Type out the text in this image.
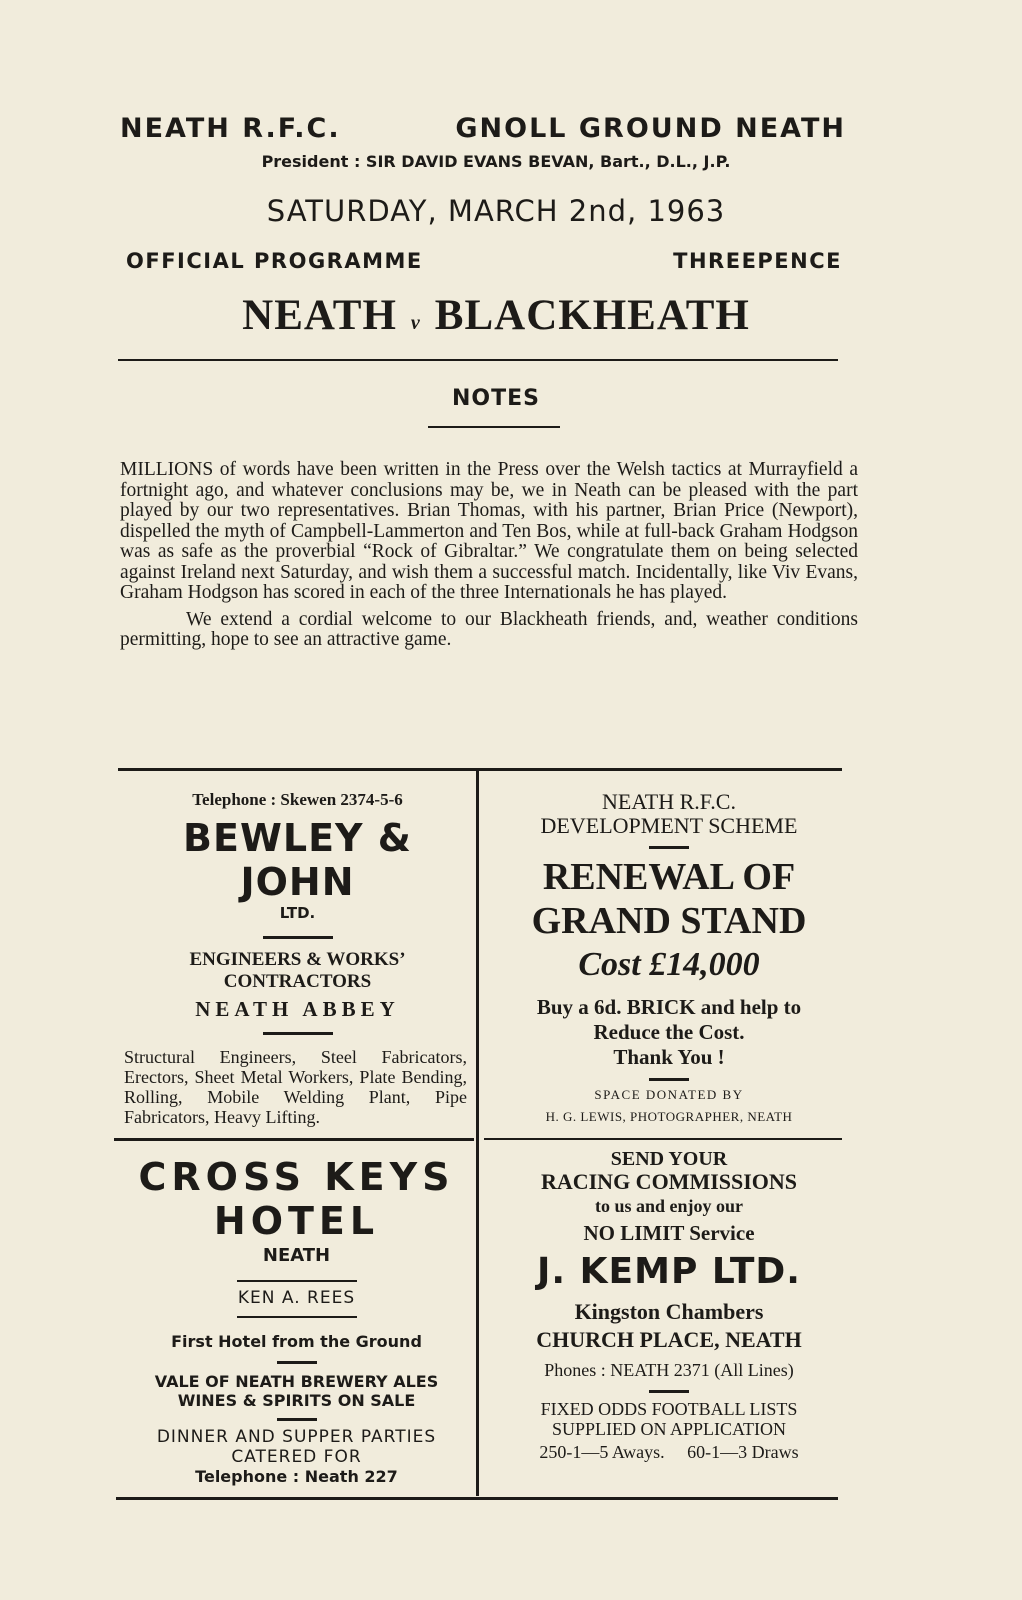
NEATH R.F.C.	GNOLL GROUND NEATH
President : SIR DAVID EVANS BEVAN, Bart., D.L., J.P.
SATURDAY, MARCH 2nd, 1963
OFFICIAL PROGRAMME	THREEPENCE
NEATH v BLACKHEATH
NOTES

MILLIONS of words have been written in the Press over the Welsh tactics at Murrayfield a fortnight ago, and whatever conclusions may be, we in Neath can be pleased with the part played by our two representatives. Brian Thomas, with his partner, Brian Price (Newport), dispelled the myth of Campbell-Lammerton and Ten Bos, while at full-back Graham Hodgson was as safe as the proverbial “Rock of Gibraltar.” We congratulate them on being selected against Ireland next Saturday, and wish them a successful match. Incidentally, like Viv Evans, Graham Hodgson has scored in each of the three Internationals he has played.

We extend a cordial welcome to our Blackheath friends, and, weather conditions permitting, hope to see an attractive game.

Telephone : Skewen 2374-5-6
BEWLEY & JOHN
LTD.
ENGINEERS & WORKS’
CONTRACTORS
NEATH ABBEY
Structural Engineers, Steel Fabricators, Erectors, Sheet Metal Workers, Plate Bending, Rolling, Mobile Welding Plant, Pipe Fabricators, Heavy Lifting.
NEATH R.F.C.
DEVELOPMENT SCHEME
RENEWAL OF
GRAND STAND
Cost £14,000
Buy a 6d. BRICK and help to
Reduce the Cost.
Thank You !
SPACE DONATED BY
H. G. LEWIS, PHOTOGRAPHER, NEATH
CROSS KEYS
HOTEL
NEATH
KEN A. REES
First Hotel from the Ground
VALE OF NEATH BREWERY ALES
WINES & SPIRITS ON SALE
DINNER AND SUPPER PARTIES
CATERED FOR
Telephone : Neath 227
SEND YOUR
RACING COMMISSIONS
to us and enjoy our
NO LIMIT Service
J. KEMP LTD.
Kingston Chambers
CHURCH PLACE, NEATH
Phones : NEATH 2371 (All Lines)
FIXED ODDS FOOTBALL LISTS
SUPPLIED ON APPLICATION
250-1—5 Aways. 60-1—3 Draws
